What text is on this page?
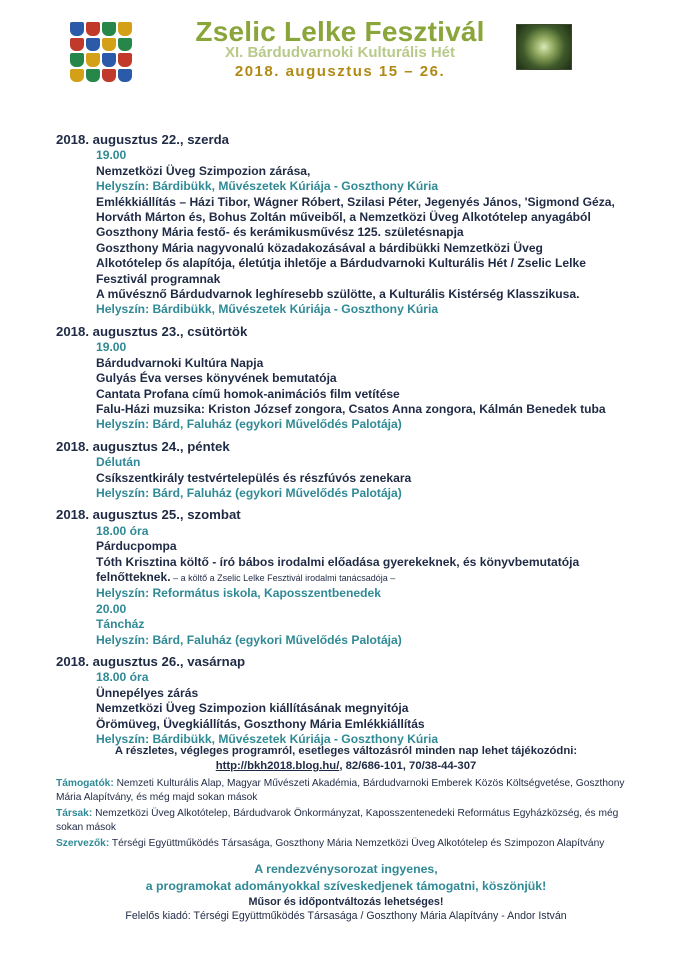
Zselic Lelke Fesztivál
XI. Bárdudvarnoki Kulturális Hét
2018. augusztus 15 – 26.
2018. augusztus 22., szerda
19.00
Nemzetközi Üveg Szimpozion zárása,
Helyszín: Bárdibükk, Művészetek Kúriája - Goszthony Kúria
Emlékkiállítás – Házi Tibor, Wágner Róbert, Szilasi Péter, Jegenyés János, 'Sigmond Géza,
Horváth Márton és, Bohus Zoltán műveiből, a Nemzetközi Üveg Alkotótelep anyagából
Goszthony Mária festő- és kerámikusművész 125. születésnapja
Goszthony Mária nagyvonalú közadakozásával a bárdibükki Nemzetközi Üveg
Alkotótelep ős alapítója, életútja ihletője a Bárdudvarnoki Kulturális Hét / Zselic Lelke
Fesztivál programnak
A művésznő Bárdudvarnok leghíresebb szülötte, a Kulturális Kistérség Klasszikusa.
Helyszín: Bárdibükk, Művészetek Kúriája - Goszthony Kúria
2018. augusztus 23., csütörtök
19.00
Bárdudvarnoki Kultúra Napja
Gulyás Éva verses könyvének bemutatója
Cantata Profana című homok-animációs film vetítése
Falu-Házi muzsika: Kriston József zongora, Csatos Anna zongora, Kálmán Benedek tuba
Helyszín: Bárd, Faluház (egykori Művelődés Palotája)
2018. augusztus 24., péntek
Délután
Csíkszentkirály testvértelepülés és részfúvós zenekara
Helyszín: Bárd, Faluház (egykori Művelődés Palotája)
2018. augusztus 25., szombat
18.00 óra
Párducpompa
Tóth Krisztina költő - író bábos irodalmi előadása gyerekeknek, és könyvbemutatója
felnőtteknek. – a költő a Zselic Lelke Fesztivál irodalmi tanácsadója –
Helyszín: Református iskola, Kaposszentbenedek
20.00
Táncház
Helyszín: Bárd, Faluház (egykori Művelődés Palotája)
2018. augusztus 26., vasárnap
18.00 óra
Ünnepélyes zárás
Nemzetközi Üveg Szimpozion kiállításának megnyitója
Örömüveg, Üvegkiállítás, Goszthony Mária Emlékkiállítás
Helyszín: Bárdibükk, Művészetek Kúriája - Goszthony Kúria
A részletes, végleges programról, esetleges változásról minden nap lehet tájékozódni:
http://bkh2018.blog.hu/, 82/686-101, 70/38-44-307
Támogatók: Nemzeti Kulturális Alap, Magyar Művészeti Akadémia, Bárdudvarnoki Emberek Közös Költségvetése, Goszthony Mária Alapítvány, és még majd sokan mások
Társak: Nemzetközi Üveg Alkotótelep, Bárdudvarok Önkormányzat, Kaposszentenedeki Református Egyházközség, és még sokan mások
Szervezők: Térségi Együttműködés Társasága, Goszthony Mária Nemzetközi Üveg Alkotótelep és Szimpozon Alapítvány
A rendezvénysorozat ingyenes,
a programokat adományokkal szíveskedjenek támogatni, köszönjük!
Műsor és időpontváltozás lehetséges!
Felelős kiadó: Térségi Együttműködés Társasága / Goszthony Mária Alapítvány - Andor István
